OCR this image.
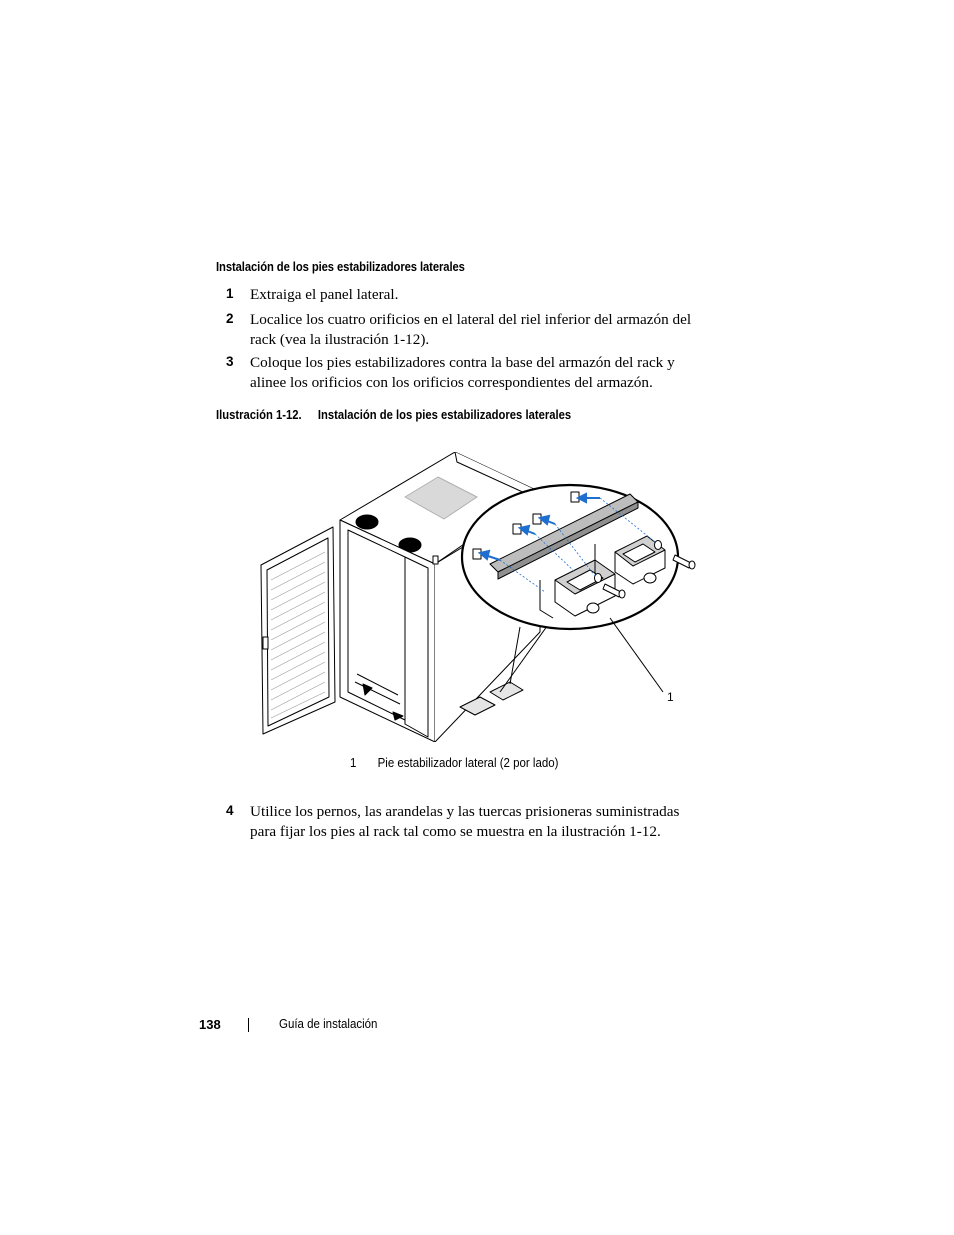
Instalación de los pies estabilizadores laterales
1 Extraiga el panel lateral.
2 Localice los cuatro orificios en el lateral del riel inferior del armazón del rack (vea la ilustración 1-12).
3 Coloque los pies estabilizadores contra la base del armazón del rack y alinee los orificios con los orificios correspondientes del armazón.
Ilustración 1-12. Instalación de los pies estabilizadores laterales
1
1 Pie estabilizador lateral (2 por lado)
4 Utilice los pernos, las arandelas y las tuercas prisioneras suministradas para fijar los pies al rack tal como se muestra en la ilustración 1-12.
138	Guía de instalación
